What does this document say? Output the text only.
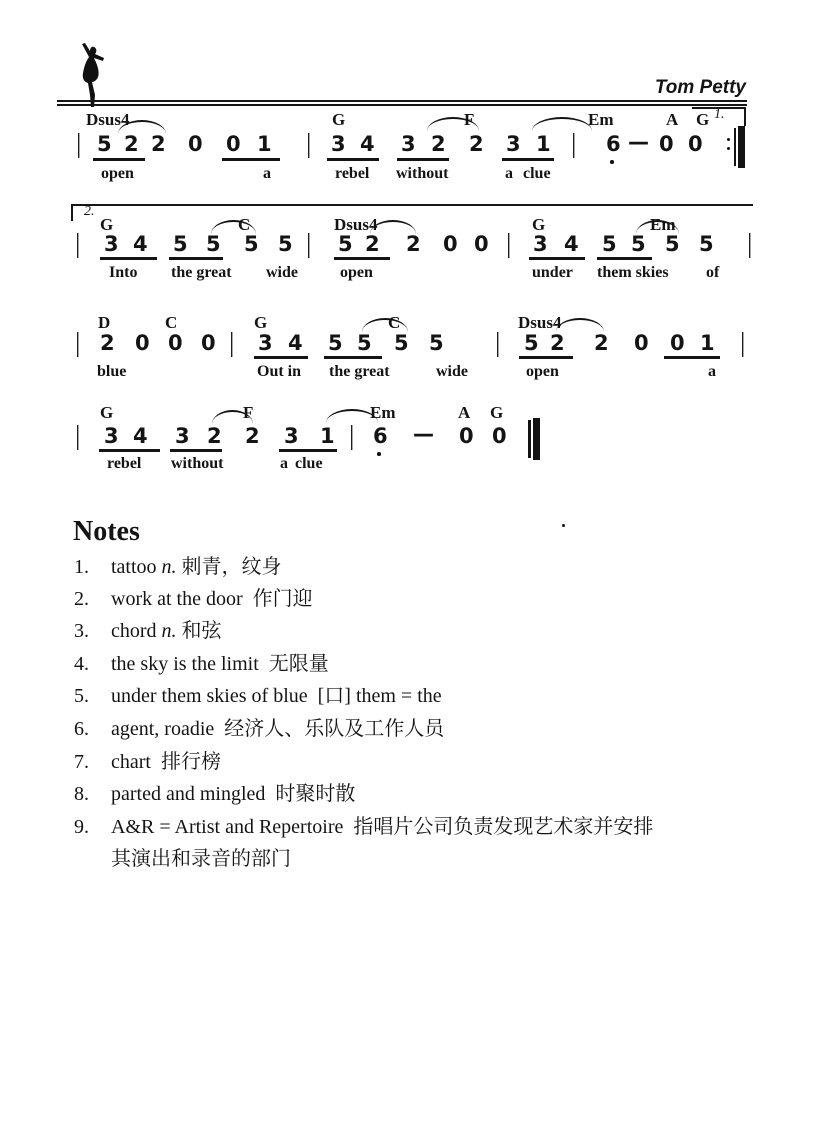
Tom Petty
1.
Dsus4	G	F	Em	A G
| 5 2 2 0 0 1 | 3 4 3 2 2 3 1 | 6 — 0 0
open	a	rebel without	a clue
2.
G	C	Dsus4	G	Em
| 3 4 5 5 5 5 | 5 2 2 0 0 | 3 4 5 5 5 5 |
Into the great wide	open	under them skies of
D	C	G	C	Dsus4
| 2 0 0 0 | 3 4 5 5 5 5 | 5 2 2 0 0 1 |
blue	Out in the great	wide	open	a
G	F	Em	A G
| 3 4 3 2 2 3 1 | 6 — 0 0
rebel without	a clue
Notes
1. tattoo n. 刺青，纹身
2. work at the door  作门迎
3. chord n. 和弦
4. the sky is the limit  无限量
5. under them skies of blue  [口] them = the
6. agent, roadie  经济人、乐队及工作人员
7. chart  排行榜
8. parted and mingled  时聚时散
9. A&R = Artist and Repertoire  指唱片公司负责发现艺术家并安排
其演出和录音的部门
